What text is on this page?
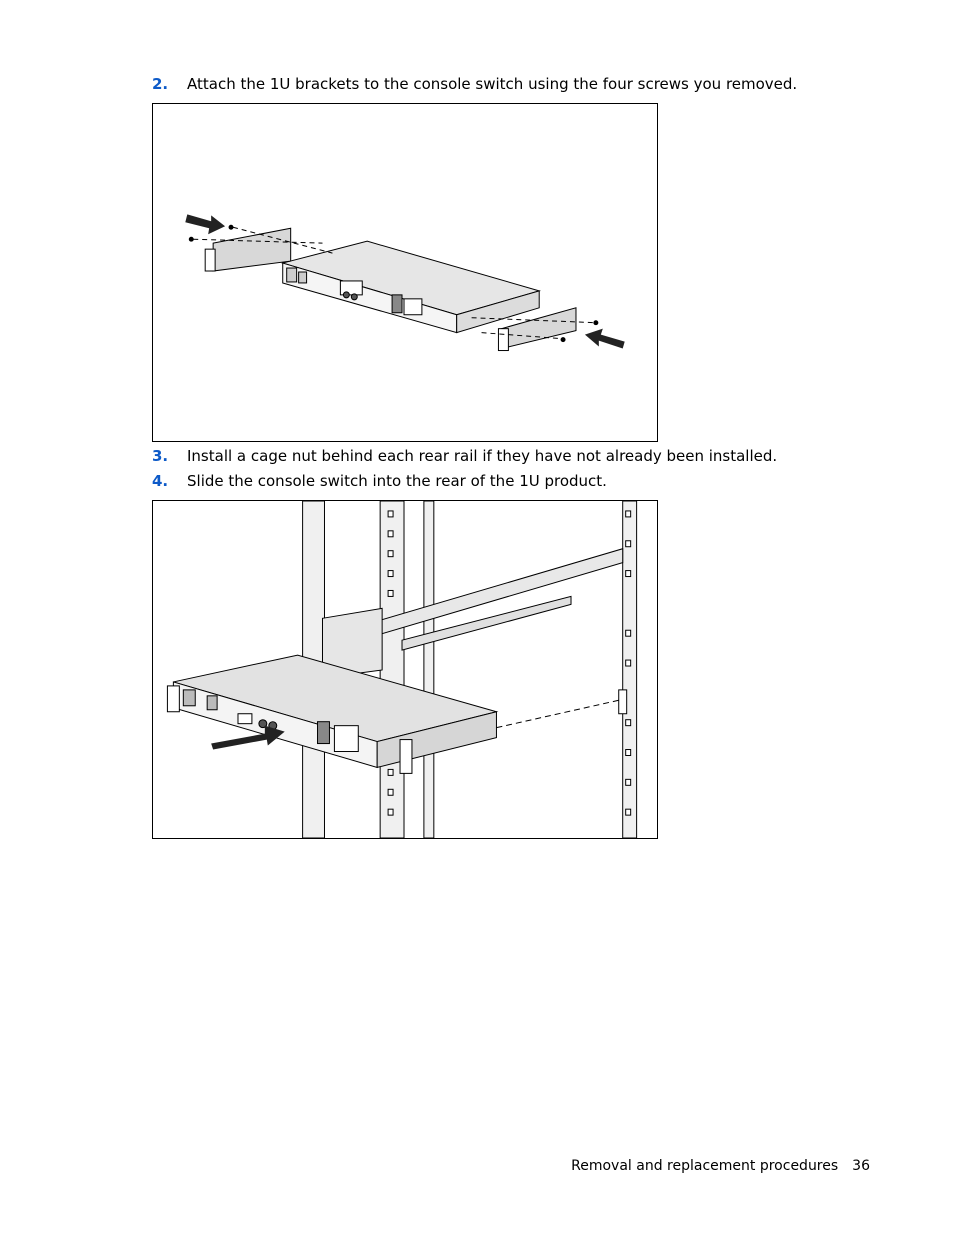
2.	Attach the 1U brackets to the console switch using the four screws you removed.
3.	Install a cage nut behind each rear rail if they have not already been installed.
4.	Slide the console switch into the rear of the 1U product.
Removal and replacement procedures 36
